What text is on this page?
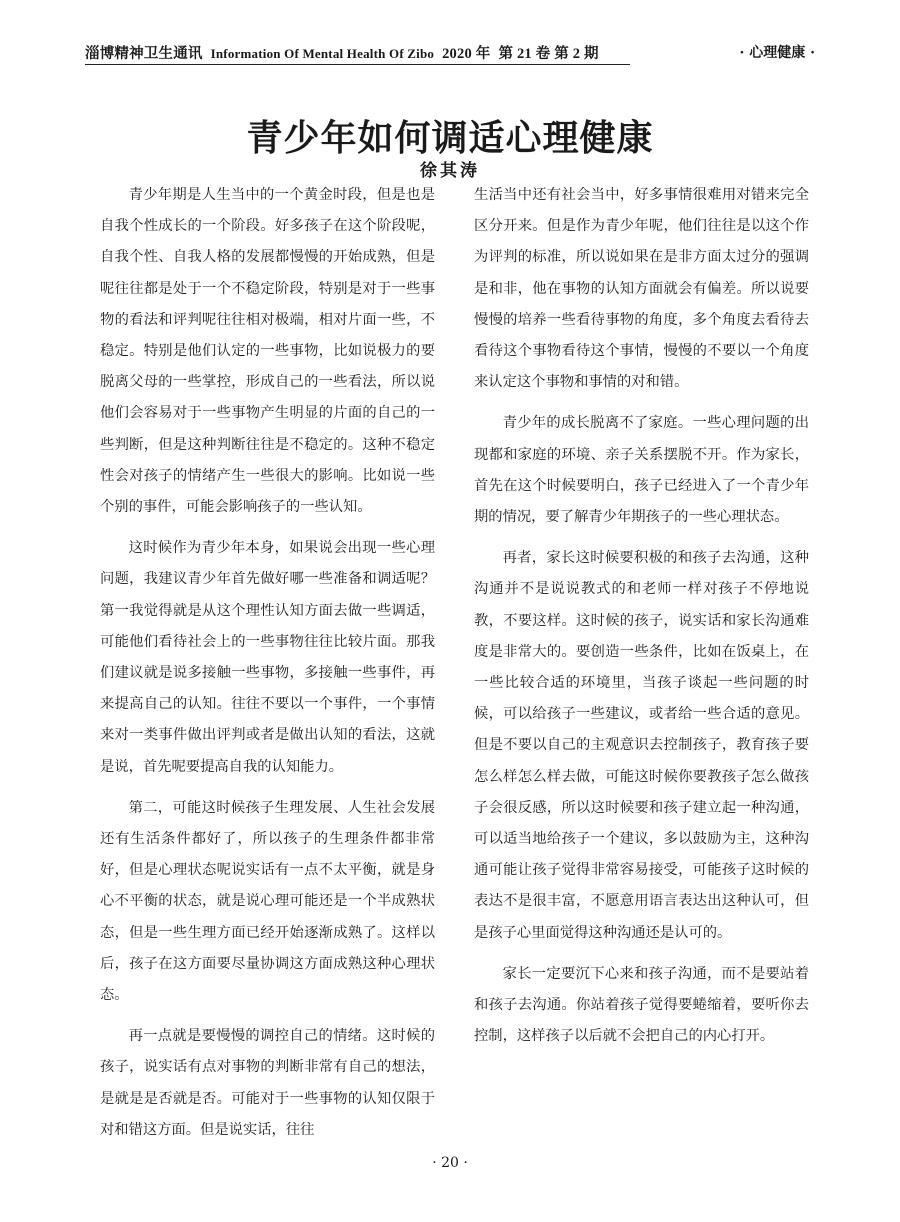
淄博精神卫生通讯 Information Of Mental Health Of Zibo 2020 年 第 21 卷 第 2 期	· 心理健康 ·
青少年如何调适心理健康
徐其涛

青少年期是人生当中的一个黄金时段，但是也是自我个性成长的一个阶段。好多孩子在这个阶段呢，自我个性、自我人格的发展都慢慢的开始成熟，但是呢往往都是处于一个不稳定阶段，特别是对于一些事物的看法和评判呢往往相对极端，相对片面一些，不稳定。特别是他们认定的一些事物，比如说极力的要脱离父母的一些掌控，形成自己的一些看法，所以说他们会容易对于一些事物产生明显的片面的自己的一些判断，但是这种判断往往是不稳定的。这种不稳定性会对孩子的情绪产生一些很大的影响。比如说一些个别的事件，可能会影响孩子的一些认知。

这时候作为青少年本身，如果说会出现一些心理问题，我建议青少年首先做好哪一些准备和调适呢？第一我觉得就是从这个理性认知方面去做一些调适，可能他们看待社会上的一些事物往往比较片面。那我们建议就是说多接触一些事物，多接触一些事件，再来提高自己的认知。往往不要以一个事件，一个事情来对一类事件做出评判或者是做出认知的看法，这就是说，首先呢要提高自我的认知能力。

第二，可能这时候孩子生理发展、人生社会发展还有生活条件都好了，所以孩子的生理条件都非常好，但是心理状态呢说实话有一点不太平衡，就是身心不平衡的状态，就是说心理可能还是一个半成熟状态，但是一些生理方面已经开始逐渐成熟了。这样以后，孩子在这方面要尽量协调这方面成熟这种心理状态。

再一点就是要慢慢的调控自己的情绪。这时候的孩子，说实话有点对事物的判断非常有自己的想法，是就是是否就是否。可能对于一些事物的认知仅限于对和错这方面。但是说实话，往往

生活当中还有社会当中，好多事情很难用对错来完全区分开来。但是作为青少年呢，他们往往是以这个作为评判的标准，所以说如果在是非方面太过分的强调是和非，他在事物的认知方面就会有偏差。所以说要慢慢的培养一些看待事物的角度，多个角度去看待去看待这个事物看待这个事情，慢慢的不要以一个角度来认定这个事物和事情的对和错。

青少年的成长脱离不了家庭。一些心理问题的出现都和家庭的环境、亲子关系摆脱不开。作为家长，首先在这个时候要明白，孩子已经进入了一个青少年期的情况，要了解青少年期孩子的一些心理状态。

再者，家长这时候要积极的和孩子去沟通，这种沟通并不是说说教式的和老师一样对孩子不停地说教，不要这样。这时候的孩子，说实话和家长沟通难度是非常大的。要创造一些条件，比如在饭桌上，在一些比较合适的环境里，当孩子谈起一些问题的时候，可以给孩子一些建议，或者给一些合适的意见。但是不要以自己的主观意识去控制孩子，教育孩子要怎么样怎么样去做，可能这时候你要教孩子怎么做孩子会很反感，所以这时候要和孩子建立起一种沟通，可以适当地给孩子一个建议，多以鼓励为主，这种沟通可能让孩子觉得非常容易接受，可能孩子这时候的表达不是很丰富，不愿意用语言表达出这种认可，但是孩子心里面觉得这种沟通还是认可的。

家长一定要沉下心来和孩子沟通，而不是要站着和孩子去沟通。你站着孩子觉得要蜷缩着，要听你去控制，这样孩子以后就不会把自己的内心打开。

· 20 ·
